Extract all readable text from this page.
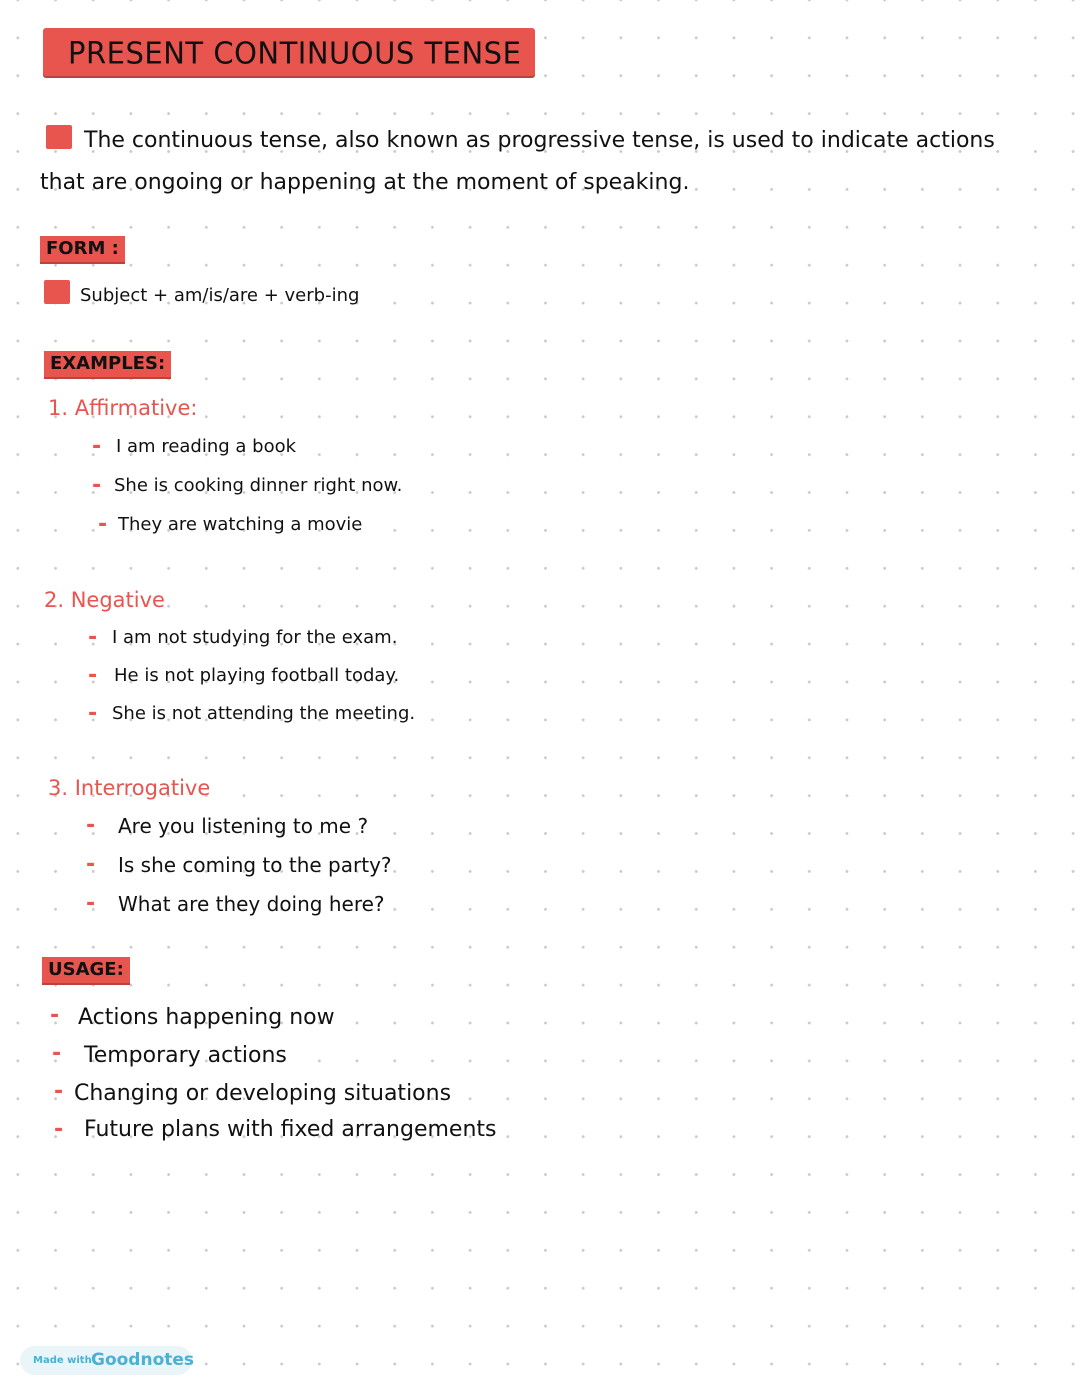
PRESENT CONTINUOUS TENSE
The continuous tense, also known as progressive tense, is used to indicate actions
that are ongoing or happening at the moment of speaking.
FORM :
Subject + am/is/are + verb-ing
EXAMPLES:
1. Affirmative:
- I am reading a book
- She is cooking dinner right now.
- They are watching a movie
2. Negative
- I am not studying for the exam.
- He is not playing football today.
- She is not attending the meeting.
3. Interrogative
- Are you listening to me ?
- Is she coming to the party?
- What are they doing here?
USAGE:
- Actions happening now
- Temporary actions
- Changing or developing situations
- Future plans with fixed arrangements
Made with Goodnotes
